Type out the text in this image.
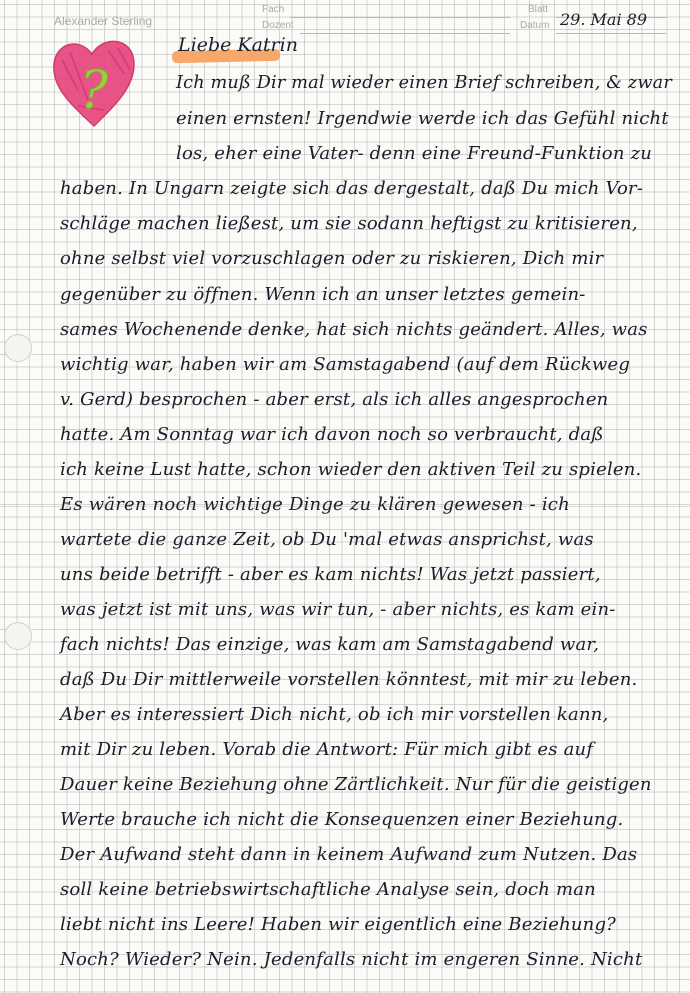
Alexander Sterling
Fach
Dozent
Blatt
Datum 29. Mai 89
?
Liebe Katrin
Ich muß Dir mal wieder einen Brief schreiben, & zwar
einen ernsten! Irgendwie werde ich das Gefühl nicht
los, eher eine Vater- denn eine Freund-Funktion zu
haben. In Ungarn zeigte sich das dergestalt, daß Du mich Vor-
schläge machen ließest, um sie sodann heftigst zu kritisieren,
ohne selbst viel vorzuschlagen oder zu riskieren, Dich mir
gegenüber zu öffnen. Wenn ich an unser letztes gemein-
sames Wochenende denke, hat sich nichts geändert. Alles, was
wichtig war, haben wir am Samstagabend (auf dem Rückweg
v. Gerd) besprochen - aber erst, als ich alles angesprochen
hatte. Am Sonntag war ich davon noch so verbraucht, daß
ich keine Lust hatte, schon wieder den aktiven Teil zu spielen.
Es wären noch wichtige Dinge zu klären gewesen - ich
wartete die ganze Zeit, ob Du 'mal etwas ansprichst, was
uns beide betrifft - aber es kam nichts! Was jetzt passiert,
was jetzt ist mit uns, was wir tun, - aber nichts, es kam ein-
fach nichts! Das einzige, was kam am Samstagabend war,
daß Du Dir mittlerweile vorstellen könntest, mit mir zu leben.
Aber es interessiert Dich nicht, ob ich mir vorstellen kann,
mit Dir zu leben. Vorab die Antwort: Für mich gibt es auf
Dauer keine Beziehung ohne Zärtlichkeit. Nur für die geistigen
Werte brauche ich nicht die Konsequenzen einer Beziehung.
Der Aufwand steht dann in keinem Aufwand zum Nutzen. Das
soll keine betriebswirtschaftliche Analyse sein, doch man
liebt nicht ins Leere! Haben wir eigentlich eine Beziehung?
Noch? Wieder? Nein. Jedenfalls nicht im engeren Sinne. Nicht
